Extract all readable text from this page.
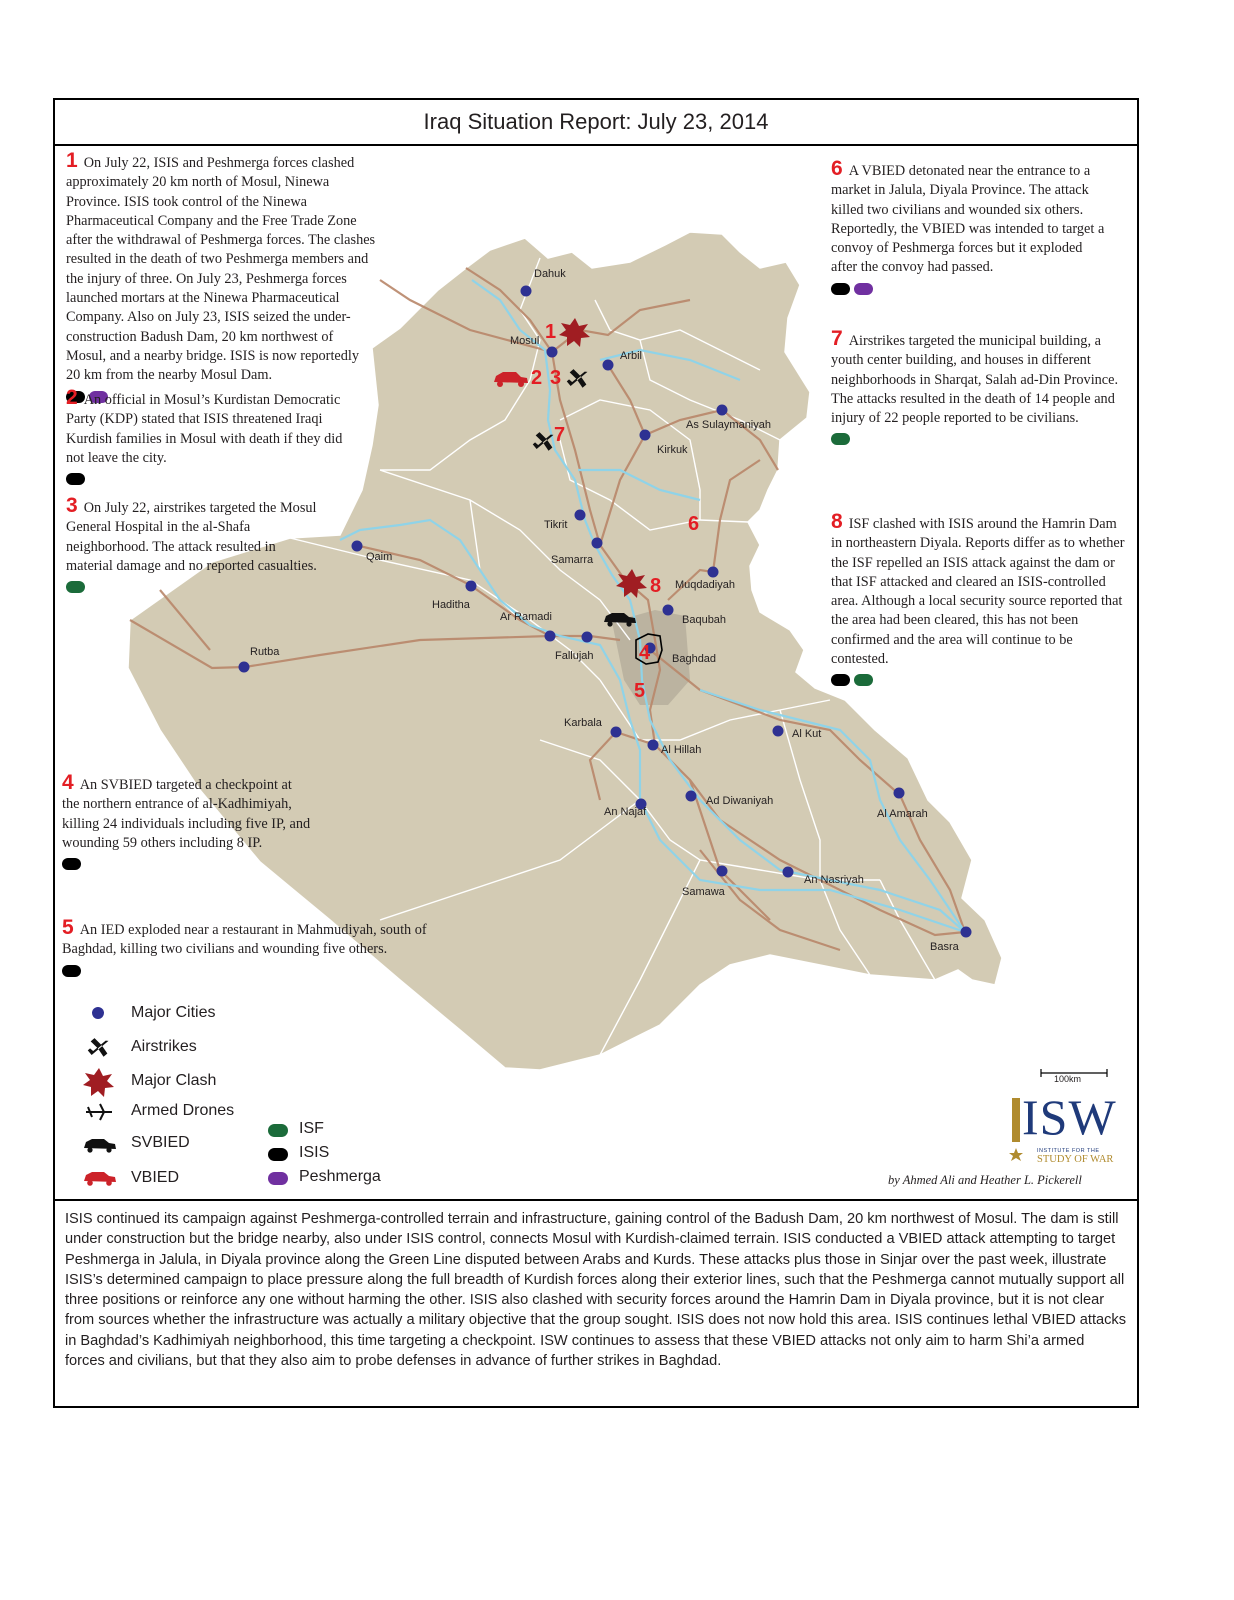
Iraq Situation Report: July 23, 2014
Dahuk
Mosul
Arbil
As Sulaymaniyah
Kirkuk
Tikrit
Samarra
Muqdadiyah
Baqubah
Baghdad
Qaim
Haditha
Ar Ramadi
Fallujah
Rutba
Karbala
Al Hillah
Al Kut
An Najaf
Ad Diwaniyah
Al Amarah
Samawa
An Nasriyah
Basra
1
2 3
4
5
6
7
8
1 On July 22, ISIS and Peshmerga forces clashed approximately 20 km north of Mosul, Ninewa Province. ISIS took control of the Ninewa Pharmaceutical Company and the Free Trade Zone after the withdrawal of Peshmerga forces. The clashes resulted in the death of two Peshmerga members and the injury of three. On July 23, Peshmerga forces launched mortars at the Ninewa Pharmaceutical Company. Also on July 23, ISIS seized the under-construction Badush Dam, 20 km northwest of Mosul, and a nearby bridge. ISIS is now reportedly 20 km from the nearby Mosul Dam.
2 An official in Mosul’s Kurdistan Democratic Party (KDP) stated that ISIS threatened Iraqi Kurdish families in Mosul with death if they did not leave the city.
3 On July 22, airstrikes targeted the Mosul General Hospital in the al-Shafa neighborhood. The attack resulted in material damage and no reported casualties.
4 An SVBIED targeted a checkpoint at the northern entrance of al-Kadhimiyah, killing 24 individuals including five IP, and wounding 59 others including 8 IP.
5 An IED exploded near a restaurant in Mahmudiyah, south of Baghdad, killing two civilians and wounding five others.
6 A VBIED detonated near the entrance to a market in Jalula, Diyala Province. The attack killed two civilians and wounded six others. Reportedly, the VBIED was intended to target a convoy of Peshmerga forces but it exploded after the convoy had passed.
7 Airstrikes targeted the municipal building, a youth center building, and houses in different neighborhoods in Sharqat, Salah ad-Din Province. The attacks resulted in the death of 14 people and injury of 22 people reported to be civilians.
8 ISF clashed with ISIS around the Hamrin Dam in northeastern Diyala. Reports differ as to whether the ISF repelled an ISIS attack against the dam or that ISF attacked and cleared an ISIS-controlled area. Although a local security source reported that the area had been cleared, this has not been confirmed and the area will continue to be contested.
Major Cities
Airstrikes
Major Clash
Armed Drones
SVBIED
VBIED
ISF
ISIS
Peshmerga
100km
ISW
INSTITUTE FOR THE
STUDY OF WAR
by Ahmed Ali and Heather L. Pickerell
ISIS continued its campaign against Peshmerga-controlled terrain and infrastructure, gaining control of the Badush Dam, 20 km northwest of Mosul. The dam is still under construction but the bridge nearby, also under ISIS control, connects Mosul with Kurdish-claimed terrain. ISIS conducted a VBIED attack attempting to target Peshmerga in Jalula, in Diyala province along the Green Line disputed between Arabs and Kurds. These attacks plus those in Sinjar over the past week, illustrate ISIS’s determined campaign to place pressure along the full breadth of Kurdish forces along their exterior lines, such that the Peshmerga cannot mutually support all three positions or reinforce any one without harming the other. ISIS also clashed with security forces around the Hamrin Dam in Diyala province, but it is not clear from sources whether the infrastructure was actually a military objective that the group sought. ISIS does not now hold this area. ISIS continues lethal VBIED attacks in Baghdad’s Kadhimiyah neighborhood, this time targeting a checkpoint. ISW continues to assess that these VBIED attacks not only aim to harm Shi’a armed forces and civilians, but that they also aim to probe defenses in advance of further strikes in Baghdad.
